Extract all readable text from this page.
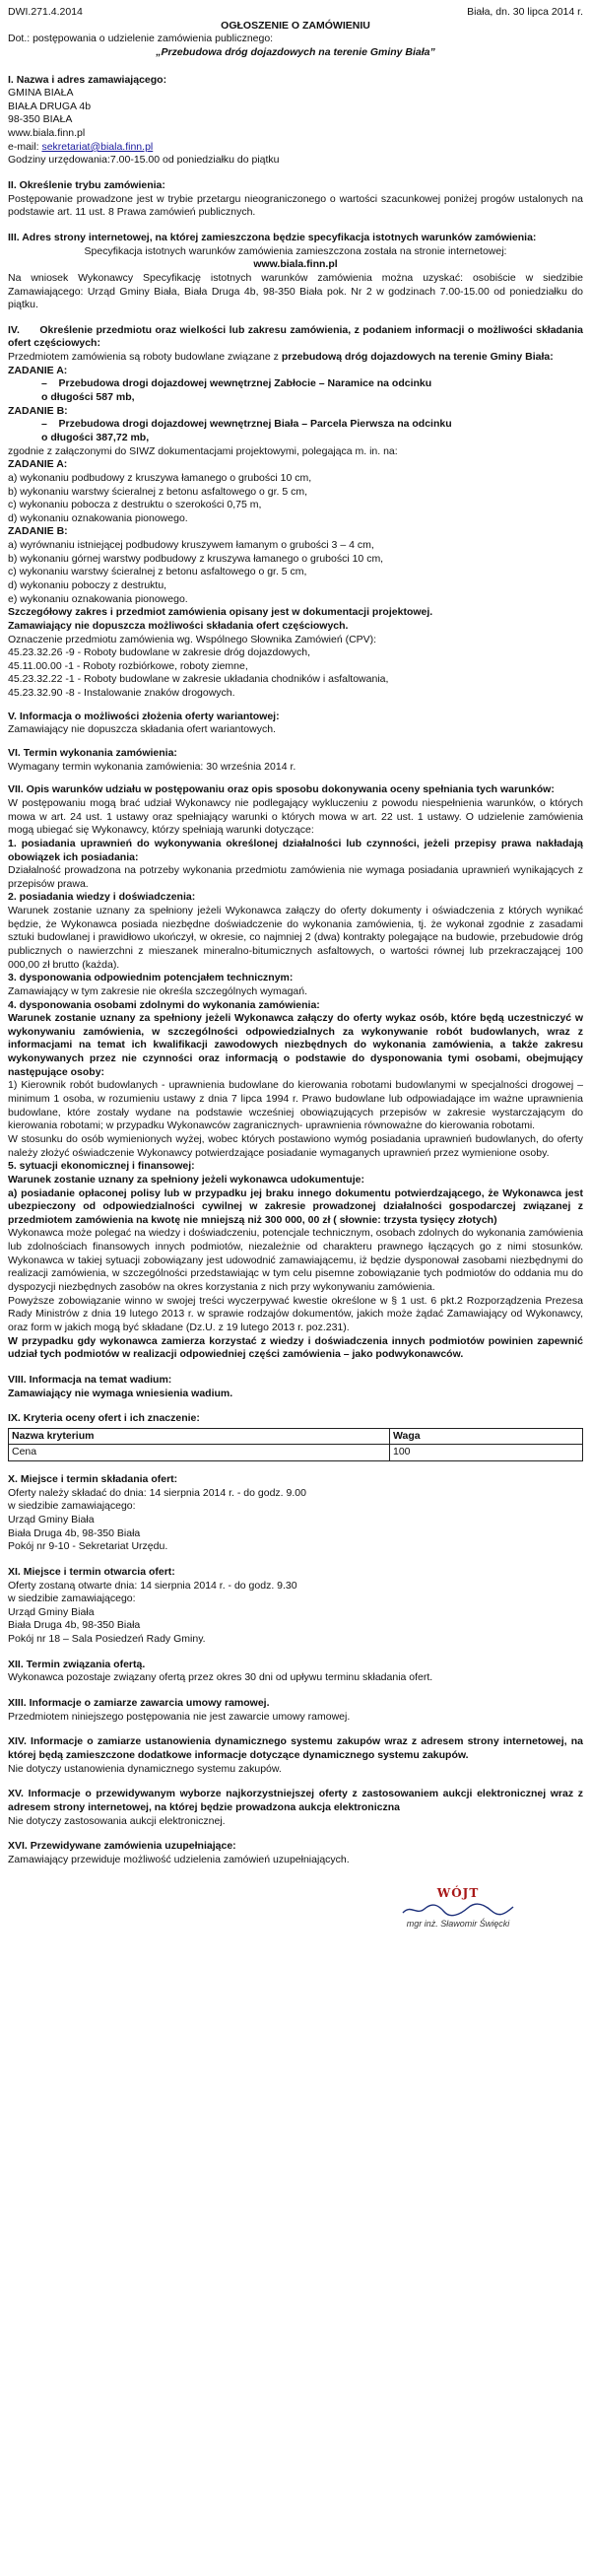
DWI.271.4.2014	Biała, dn. 30 lipca 2014 r.

OGŁOSZENIE O ZAMÓWIENIU

Dot.: postępowania o udzielenie zamówienia publicznego:

„Przebudowa dróg dojazdowych na terenie Gminy Biała”

I. Nazwa i adres zamawiającego:

GMINA BIAŁA

BIAŁA DRUGA 4b

98-350 BIAŁA

www.biala.finn.pl

e-mail: sekretariat@biala.finn.pl

Godziny urzędowania:7.00-15.00 od poniedziałku do piątku

II. Określenie trybu zamówienia:

Postępowanie prowadzone jest w trybie przetargu nieograniczonego o wartości szacunkowej poniżej progów ustalonych na podstawie art. 11 ust. 8 Prawa zamówień publicznych.

III. Adres strony internetowej, na której zamieszczona będzie specyfikacja istotnych warunków zamówienia:

Specyfikacja istotnych warunków zamówienia zamieszczona została na stronie internetowej:

www.biala.finn.pl

Na wniosek Wykonawcy Specyfikację istotnych warunków zamówienia można uzyskać: osobiście w siedzibie Zamawiającego: Urząd Gminy Biała, Biała Druga 4b, 98-350 Biała pok. Nr 2 w godzinach 7.00-15.00 od poniedziałku do piątku.

IV. Określenie przedmiotu oraz wielkości lub zakresu zamówienia, z podaniem informacji o możliwości składania ofert częściowych:

Przedmiotem zamówienia są roboty budowlane związane z przebudową dróg dojazdowych na terenie Gminy Biała:

ZADANIE A:

–    Przebudowa drogi dojazdowej wewnętrznej Zabłocie – Naramice na odcinku

o długości 587 mb,

ZADANIE B:

–    Przebudowa drogi dojazdowej wewnętrznej Biała – Parcela Pierwsza na odcinku

o długości 387,72 mb,

zgodnie z załączonymi do SIWZ dokumentacjami projektowymi, polegająca m. in. na:

ZADANIE A:

a) wykonaniu podbudowy z kruszywa łamanego o grubości 10 cm,

b) wykonaniu warstwy ścieralnej z betonu asfaltowego o gr. 5 cm,

c) wykonaniu pobocza z destruktu o szerokości 0,75 m,

d) wykonaniu oznakowania pionowego.

ZADANIE B:

a) wyrównaniu istniejącej podbudowy kruszywem łamanym o grubości 3 – 4 cm,

b) wykonaniu górnej warstwy podbudowy z kruszywa łamanego o grubości 10 cm,

c) wykonaniu warstwy ścieralnej z betonu asfaltowego o gr. 5 cm,

d) wykonaniu poboczy z destruktu,

e) wykonaniu oznakowania pionowego.

Szczegółowy zakres i przedmiot zamówienia opisany jest w dokumentacji projektowej.

Zamawiający nie dopuszcza możliwości składania ofert częściowych.

Oznaczenie przedmiotu zamówienia wg. Wspólnego Słownika Zamówień (CPV):

45.23.32.26 -9 - Roboty budowlane w zakresie dróg dojazdowych,

45.11.00.00 -1 - Roboty rozbiórkowe, roboty ziemne,

45.23.32.22 -1 - Roboty budowlane w zakresie układania chodników i asfaltowania,

45.23.32.90 -8 - Instalowanie znaków drogowych.

V. Informacja o możliwości złożenia oferty wariantowej:

Zamawiający nie dopuszcza składania ofert wariantowych.

VI. Termin wykonania zamówienia:

Wymagany termin wykonania zamówienia: 30 września 2014 r.

VII. Opis warunków udziału w postępowaniu oraz opis sposobu dokonywania oceny spełniania tych warunków:

W postępowaniu mogą brać udział Wykonawcy nie podlegający wykluczeniu z powodu niespełnienia warunków, o których mowa w art. 24 ust. 1 ustawy oraz spełniający warunki o których mowa w art. 22 ust. 1 ustawy. O udzielenie zamówienia mogą ubiegać się Wykonawcy, którzy spełniają warunki dotyczące:

1. posiadania uprawnień do wykonywania określonej działalności lub czynności, jeżeli przepisy prawa nakładają obowiązek ich posiadania:

Działalność prowadzona na potrzeby wykonania przedmiotu zamówienia nie wymaga posiadania uprawnień wynikających z przepisów prawa.

2. posiadania wiedzy i doświadczenia:

Warunek zostanie uznany za spełniony jeżeli Wykonawca załączy do oferty dokumenty i oświadczenia z których wynikać będzie, że Wykonawca posiada niezbędne doświadczenie do wykonania zamówienia, tj. że wykonał zgodnie z zasadami sztuki budowlanej i prawidłowo ukończył, w okresie, co najmniej 2 (dwa) kontrakty polegające na budowie, przebudowie dróg publicznych o nawierzchni z mieszanek mineralno-bitumicznych asfaltowych, o wartości równej lub przekraczającej 100 000,00 zł brutto (każda).

3. dysponowania odpowiednim potencjałem technicznym:

Zamawiający w tym zakresie nie określa szczególnych wymagań.

4. dysponowania osobami zdolnymi do wykonania zamówienia:

Warunek zostanie uznany za spełniony jeżeli Wykonawca załączy do oferty wykaz osób, które będą uczestniczyć w wykonywaniu zamówienia, w szczególności odpowiedzialnych za wykonywanie robót budowlanych, wraz z informacjami na temat ich kwalifikacji zawodowych niezbędnych do wykonania zamówienia, a także zakresu wykonywanych przez nie czynności oraz informacją o podstawie do dysponowania tymi osobami, obejmujący następujące osoby:

1) Kierownik robót budowlanych - uprawnienia budowlane do kierowania robotami budowlanymi w specjalności drogowej – minimum 1 osoba, w rozumieniu ustawy z dnia 7 lipca 1994 r. Prawo budowlane lub odpowiadające im ważne uprawnienia budowlane, które zostały wydane na podstawie wcześniej obowiązujących przepisów w zakresie wystarczającym do kierowania robotami; w przypadku Wykonawców zagranicznych- uprawnienia równoważne do kierowania robotami.

W stosunku do osób wymienionych wyżej, wobec których postawiono wymóg posiadania uprawnień budowlanych, do oferty należy złożyć oświadczenie Wykonawcy potwierdzające posiadanie wymaganych uprawnień przez wymienione osoby.

5. sytuacji ekonomicznej i finansowej:

Warunek zostanie uznany za spełniony jeżeli wykonawca udokumentuje:

a) posiadanie opłaconej polisy lub w przypadku jej braku innego dokumentu potwierdzającego, że Wykonawca jest ubezpieczony od odpowiedzialności cywilnej w zakresie prowadzonej działalności gospodarczej związanej z przedmiotem zamówienia na kwotę nie mniejszą niż 300 000, 00 zł ( słownie: trzysta tysięcy złotych)

Wykonawca może polegać na wiedzy i doświadczeniu, potencjale technicznym, osobach zdolnych do wykonania zamówienia lub zdolnościach finansowych innych podmiotów, niezależnie od charakteru prawnego łączących go z nimi stosunków. Wykonawca w takiej sytuacji zobowiązany jest udowodnić zamawiającemu, iż będzie dysponował zasobami niezbędnymi do realizacji zamówienia, w szczególności przedstawiając w tym celu pisemne zobowiązanie tych podmiotów do oddania mu do dyspozycji niezbędnych zasobów na okres korzystania z nich przy wykonywaniu zamówienia.

Powyższe zobowiązanie winno w swojej treści wyczerpywać kwestie określone w § 1 ust. 6 pkt.2 Rozporządzenia Prezesa Rady Ministrów z dnia 19 lutego 2013 r. w sprawie rodzajów dokumentów, jakich może żądać Zamawiający od Wykonawcy, oraz form w jakich mogą być składane (Dz.U. z 19 lutego 2013 r. poz.231).

W przypadku gdy wykonawca zamierza korzystać z wiedzy i doświadczenia innych podmiotów powinien zapewnić udział tych podmiotów w realizacji odpowiedniej części zamówienia – jako podwykonawców.

VIII. Informacja na temat wadium:

Zamawiający nie wymaga wniesienia wadium.

IX. Kryteria oceny ofert i ich znaczenie:

Nazwa kryterium	Waga
Cena	100

X. Miejsce i termin składania ofert:

Oferty należy składać do dnia: 14 sierpnia 2014 r. - do godz. 9.00

w siedzibie zamawiającego:

Urząd Gminy Biała

Biała Druga 4b, 98-350 Biała

Pokój nr 9-10 - Sekretariat Urzędu.

XI. Miejsce i termin otwarcia ofert:

Oferty zostaną otwarte dnia: 14 sierpnia 2014 r. - do godz. 9.30

w siedzibie zamawiającego:

Urząd Gminy Biała

Biała Druga 4b, 98-350 Biała

Pokój nr 18 – Sala Posiedzeń Rady Gminy.

XII. Termin związania ofertą.

Wykonawca pozostaje związany ofertą przez okres 30 dni od upływu terminu składania ofert.

XIII. Informacje o zamiarze zawarcia umowy ramowej.

Przedmiotem niniejszego postępowania nie jest zawarcie umowy ramowej.

XIV. Informacje o zamiarze ustanowienia dynamicznego systemu zakupów wraz z adresem strony internetowej, na której będą zamieszczone dodatkowe informacje dotyczące dynamicznego systemu zakupów.

Nie dotyczy ustanowienia dynamicznego systemu zakupów.

XV. Informacje o przewidywanym wyborze najkorzystniejszej oferty z zastosowaniem aukcji elektronicznej wraz z adresem strony internetowej, na której będzie prowadzona aukcja elektroniczna

Nie dotyczy zastosowania aukcji elektronicznej.

XVI. Przewidywane zamówienia uzupełniające:

Zamawiający przewiduje możliwość udzielenia zamówień uzupełniających.

WÓJT
mgr inż. Sławomir Święcki
